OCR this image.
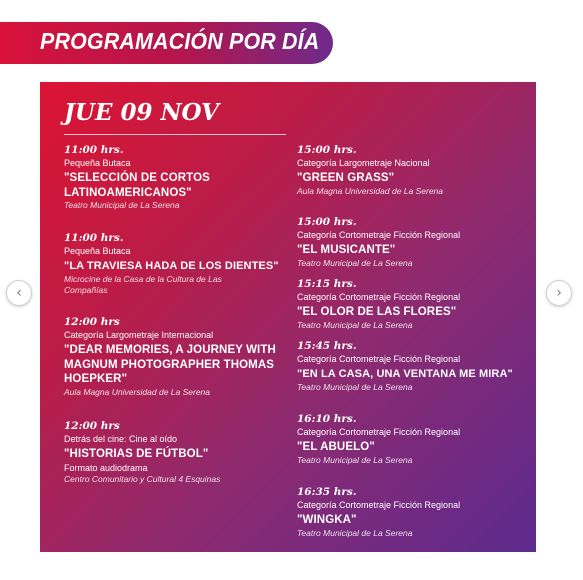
PROGRAMACIÓN POR DÍA
JUE 09 NOV
11:00 hrs.
Pequeña Butaca
"SELECCIÓN DE CORTOS LATINOAMERICANOS"
Teatro Municipal de La Serena
11:00 hrs.
Pequeña Butaca
"LA TRAVIESA HADA DE LOS DIENTES"
Microcine de la Casa de la Cultura de Las Compañías
12:00 hrs
Categoría Largometraje Internacional
"DEAR MEMORIES, A JOURNEY WITH MAGNUM PHOTOGRAPHER THOMAS HOEPKER"
Aula Magna Universidad de La Serena
12:00 hrs
Detrás del cine: Cine al oído
"HISTORIAS DE FÚTBOL"
Formato audiodrama
Centro Comunitario y Cultural 4 Esquinas
15:00 hrs.
Categoría Largometraje Nacional
"GREEN GRASS"
Aula Magna Universidad de La Serena
15:00 hrs.
Categoría Cortometraje Ficción Regional
"EL MUSICANTE"
Teatro Municipal de La Serena
15:15 hrs.
Categoría Cortometraje Ficción Regional
"EL OLOR DE LAS FLORES"
Teatro Municipal de La Serena
15:45 hrs.
Categoría Cortometraje Ficción Regional
"EN LA CASA, UNA VENTANA ME MIRA"
Teatro Municipal de La Serena
16:10 hrs.
Categoría Cortometraje Ficción Regional
"EL ABUELO"
Teatro Municipal de La Serena
16:35 hrs.
Categoría Cortometraje Ficción Regional
"WINGKA"
Teatro Municipal de La Serena
‹	›
